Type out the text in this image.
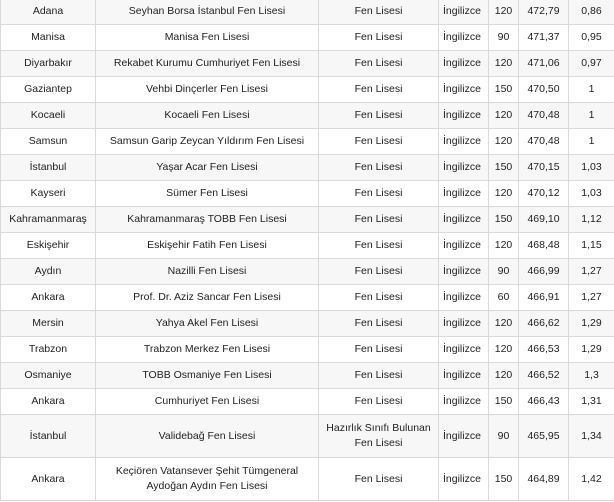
Adana	Seyhan Borsa İstanbul Fen Lisesi	Fen Lisesi	İngilizce	120	472,79	0,86
Manisa	Manisa Fen Lisesi	Fen Lisesi	İngilizce	90	471,37	0,95
Diyarbakır	Rekabet Kurumu Cumhuriyet Fen Lisesi	Fen Lisesi	İngilizce	120	471,06	0,97
Gaziantep	Vehbi Dinçerler Fen Lisesi	Fen Lisesi	İngilizce	150	470,50	1
Kocaeli	Kocaeli Fen Lisesi	Fen Lisesi	İngilizce	120	470,48	1
Samsun	Samsun Garip Zeycan Yıldırım Fen Lisesi	Fen Lisesi	İngilizce	120	470,48	1
İstanbul	Yaşar Acar Fen Lisesi	Fen Lisesi	İngilizce	150	470,15	1,03
Kayseri	Sümer Fen Lisesi	Fen Lisesi	İngilizce	120	470,12	1,03
Kahramanmaraş	Kahramanmaraş TOBB Fen Lisesi	Fen Lisesi	İngilizce	150	469,10	1,12
Eskişehir	Eskişehir Fatih Fen Lisesi	Fen Lisesi	İngilizce	120	468,48	1,15
Aydın	Nazilli Fen Lisesi	Fen Lisesi	İngilizce	90	466,99	1,27
Ankara	Prof. Dr. Aziz Sancar Fen Lisesi	Fen Lisesi	İngilizce	60	466,91	1,27
Mersin	Yahya Akel Fen Lisesi	Fen Lisesi	İngilizce	120	466,62	1,29
Trabzon	Trabzon Merkez Fen Lisesi	Fen Lisesi	İngilizce	120	466,53	1,29
Osmaniye	TOBB Osmaniye Fen Lisesi	Fen Lisesi	İngilizce	120	466,52	1,3
Ankara	Cumhuriyet Fen Lisesi	Fen Lisesi	İngilizce	150	466,43	1,31
İstanbul	Validebağ Fen Lisesi	Hazırlık Sınıfı Bulunan Fen Lisesi	İngilizce	90	465,95	1,34
Ankara	Keçiören Vatansever Şehit Tümgeneral Aydoğan Aydın Fen Lisesi	Fen Lisesi	İngilizce	150	464,89	1,42
